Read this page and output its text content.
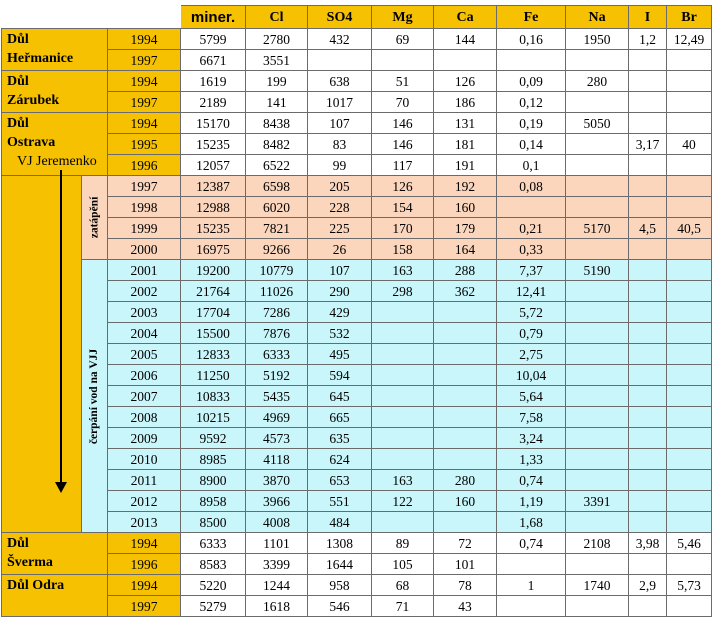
			miner.	Cl	SO4	Mg	Ca	Fe	Na	I	Br

Důl
Heřmanice		1994	5799	2780	432	69	144	0,16	1950	1,2	12,49
		1997	6671	3551							

Důl
Zárubek		1994	1619	199	638	51	126	0,09	280		
		1997	2189	141	1017	70	186	0,12			

Důl
Ostrava
VJ Jeremenko		1994	15170	8438	107	146	131	0,19	5050		
		1995	15235	8482	83	146	181	0,14		3,17	40
		1996	12057	6522	99	117	191	0,1			

	zatápění	1997	12387	6598	205	126	192	0,08			
		1998	12988	6020	228	154	160				
		1999	15235	7821	225	170	179	0,21	5170	4,5	40,5
		2000	16975	9266	26	158	164	0,33			

	čerpání vod na VJJ	2001	19200	10779	107	163	288	7,37	5190		
		2002	21764	11026	290	298	362	12,41			
		2003	17704	7286	429			5,72			
		2004	15500	7876	532			0,79			
		2005	12833	6333	495			2,75			
		2006	11250	5192	594			10,04			
		2007	10833	5435	645			5,64			
		2008	10215	4969	665			7,58			
		2009	9592	4573	635			3,24			
		2010	8985	4118	624			1,33			
		2011	8900	3870	653	163	280	0,74			
		2012	8958	3966	551	122	160	1,19	3391		
		2013	8500	4008	484			1,68			

Důl
Šverma		1994	6333	1101	1308	89	72	0,74	2108	3,98	5,46
		1996	8583	3399	1644	105	101				

Důl Odra		1994	5220	1244	958	68	78	1	1740	2,9	5,73
		1997	5279	1618	546	71	43				
